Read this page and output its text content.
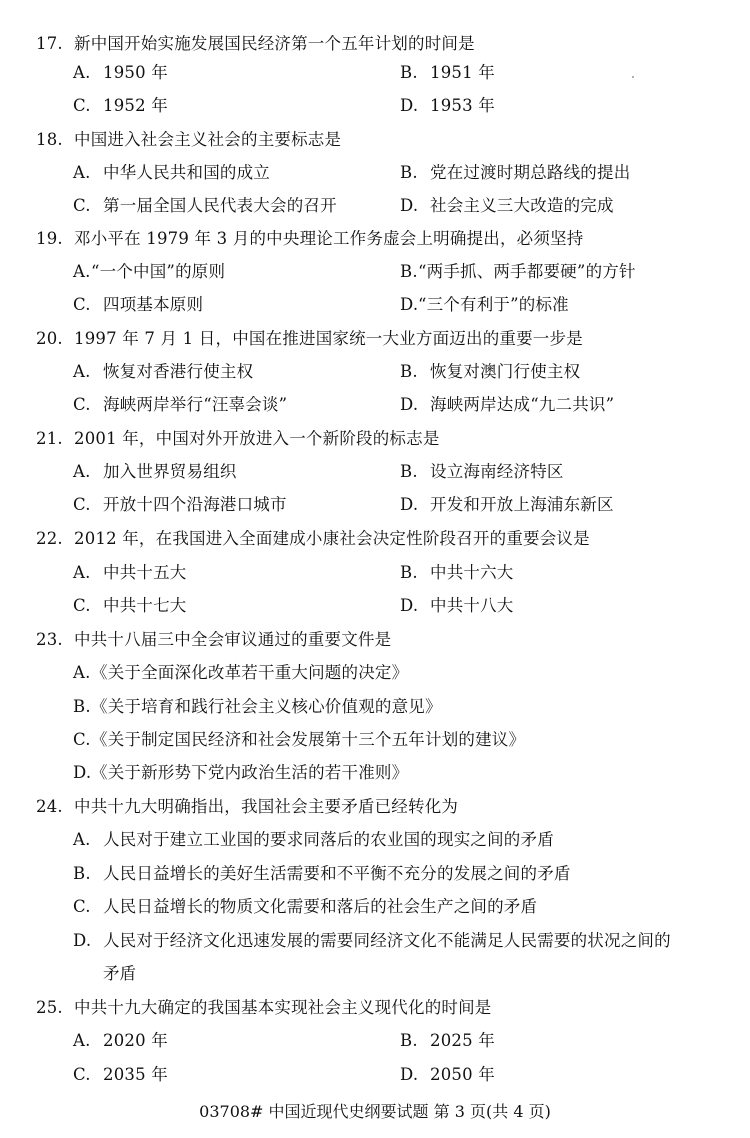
17. 新中国开始实施发展国民经济第一个五年计划的时间是
A. 1950 年	B. 1951 年
C. 1952 年	D. 1953 年
18. 中国进入社会主义社会的主要标志是
A. 中华人民共和国的成立	B. 党在过渡时期总路线的提出
C. 第一届全国人民代表大会的召开	D. 社会主义三大改造的完成
19. 邓小平在 1979 年 3 月的中央理论工作务虚会上明确提出，必须坚持
A.“一个中国”的原则	B.“两手抓、两手都要硬”的方针
C. 四项基本原则	D.“三个有利于”的标准
20. 1997 年 7 月 1 日，中国在推进国家统一大业方面迈出的重要一步是
A. 恢复对香港行使主权	B. 恢复对澳门行使主权
C. 海峡两岸举行“汪辜会谈”	D. 海峡两岸达成“九二共识”
21. 2001 年，中国对外开放进入一个新阶段的标志是
A. 加入世界贸易组织	B. 设立海南经济特区
C. 开放十四个沿海港口城市	D. 开发和开放上海浦东新区
22. 2012 年，在我国进入全面建成小康社会决定性阶段召开的重要会议是
A. 中共十五大	B. 中共十六大
C. 中共十七大	D. 中共十八大
23. 中共十八届三中全会审议通过的重要文件是
A.《关于全面深化改革若干重大问题的决定》
B.《关于培育和践行社会主义核心价值观的意见》
C.《关于制定国民经济和社会发展第十三个五年计划的建议》
D.《关于新形势下党内政治生活的若干准则》
24. 中共十九大明确指出，我国社会主要矛盾已经转化为
A. 人民对于建立工业国的要求同落后的农业国的现实之间的矛盾
B. 人民日益增长的美好生活需要和不平衡不充分的发展之间的矛盾
C. 人民日益增长的物质文化需要和落后的社会生产之间的矛盾
D. 人民对于经济文化迅速发展的需要同经济文化不能满足人民需要的状况之间的
矛盾
25. 中共十九大确定的我国基本实现社会主义现代化的时间是
A. 2020 年	B. 2025 年
C. 2035 年	D. 2050 年
03708# 中国近现代史纲要试题 第 3 页(共 4 页)
